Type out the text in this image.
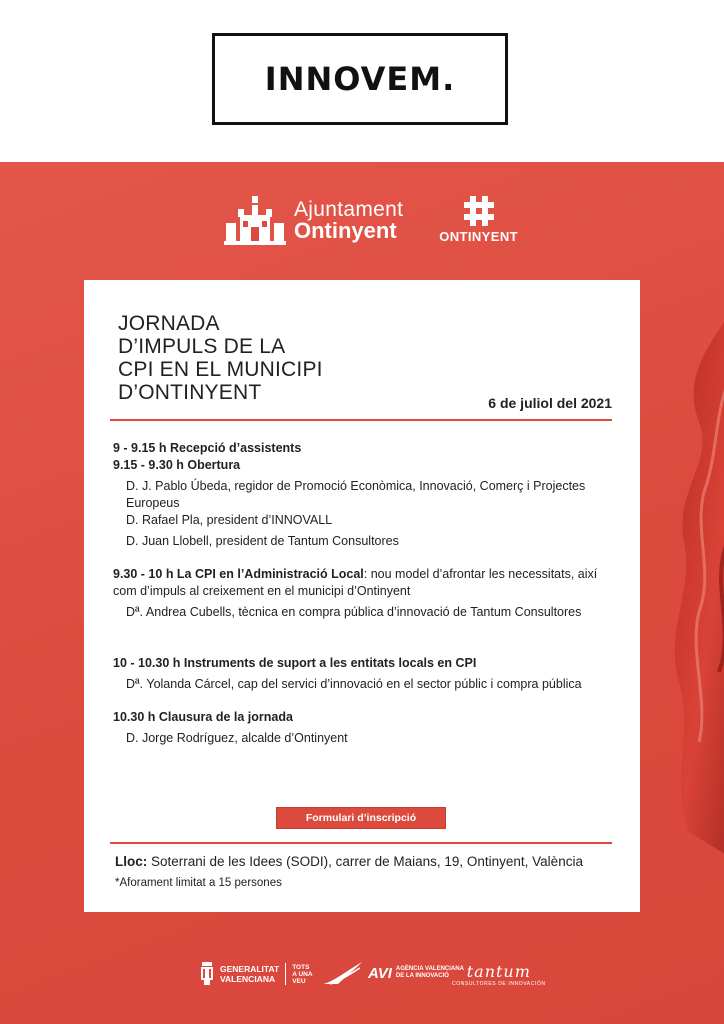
INNOVEM.
Ajuntament
Ontinyent	ONTINYENT
JORNADA
D’IMPULS DE LA
CPI EN EL MUNICIPI
D’ONTINYENT	6 de juliol del 2021
9 - 9.15 h Recepció d’assistents
9.15 - 9.30 h Obertura
D. J. Pablo Úbeda, regidor de Promoció Econòmica, Innovació, Comerç i Projectes Europeus
D. Rafael Pla, president d’INNOVALL
D. Juan Llobell, president de Tantum Consultores
9.30 - 10 h La CPI en l’Administració Local: nou model d’afrontar les necessitats, així com d’impuls al creixement en el municipi d’Ontinyent
Dª. Andrea Cubells, tècnica en compra pública d’innovació de Tantum Consultores
10 - 10.30 h Instruments de suport a les entitats locals en CPI
Dª. Yolanda Cárcel, cap del servici d’innovació en el sector públic i compra pública
10.30 h Clausura de la jornada
D. Jorge Rodríguez, alcalde d’Ontinyent
Formulari d’inscripció
Lloc: Soterrani de les Idees (SODI), carrer de Maians, 19, Ontinyent, València
*Aforament limitat a 15 persones
GENERALITAT
VALENCIANA
TOTS
A UNA
VEU	AVI AGÈNCIA VALENCIANA
DE LA INNOVACIÓ	tantum
CONSULTORES DE INNOVACIÓN
